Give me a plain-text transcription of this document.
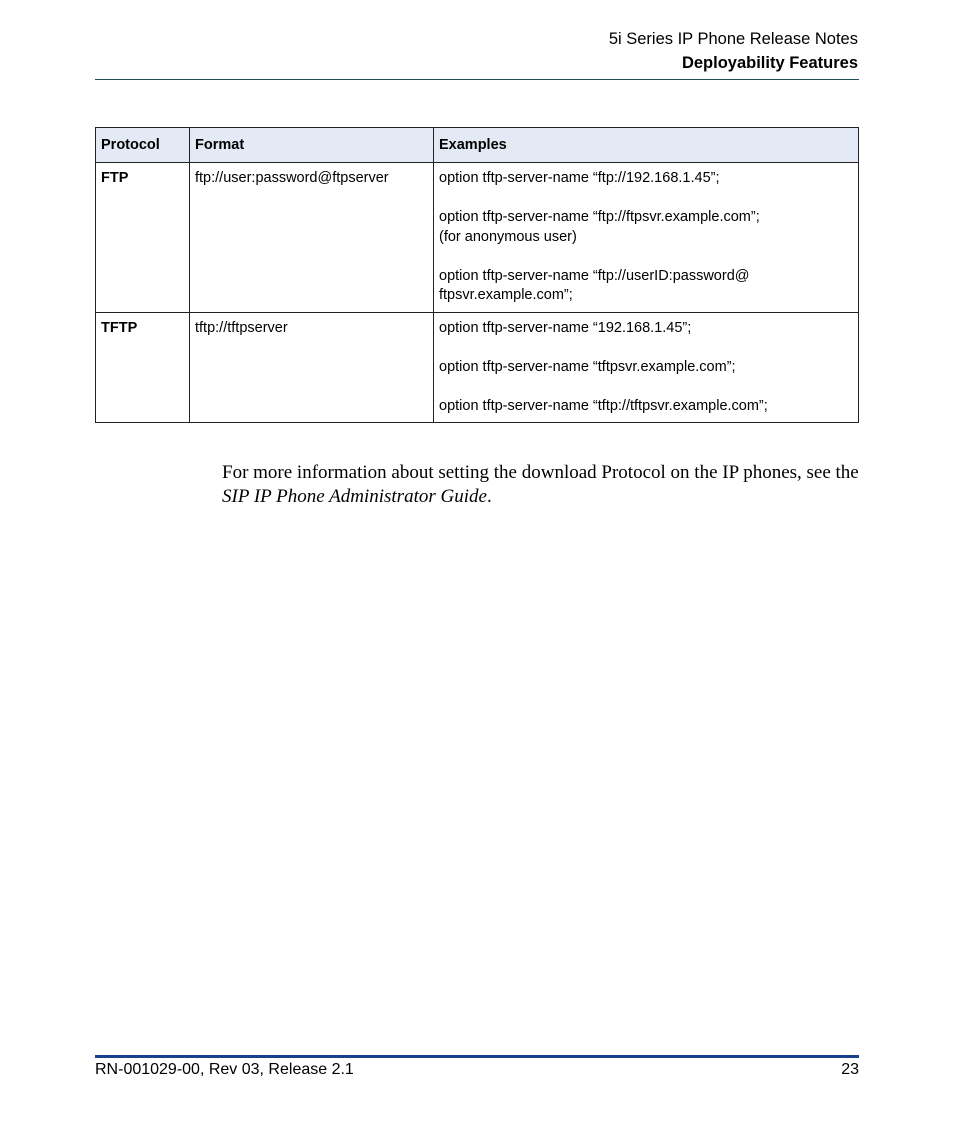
5i Series IP Phone Release Notes
Deployability Features
Protocol	Format	Examples
FTP	ftp://user:password@ftpserver	option tftp-server-name “ftp://192.168.1.45”;
option tftp-server-name “ftp://ftpsvr.example.com”;
(for anonymous user)
option tftp-server-name “ftp://userID:password@
ftpsvr.example.com”;

TFTP	tftp://tftpserver	option tftp-server-name “192.168.1.45”;
option tftp-server-name “tftpsvr.example.com”;
option tftp-server-name “tftp://tftpsvr.example.com”;

For more information about setting the download Protocol on the IP phones, see the SIP IP Phone Administrator Guide.

RN-001029-00, Rev 03, Release 2.1	23
